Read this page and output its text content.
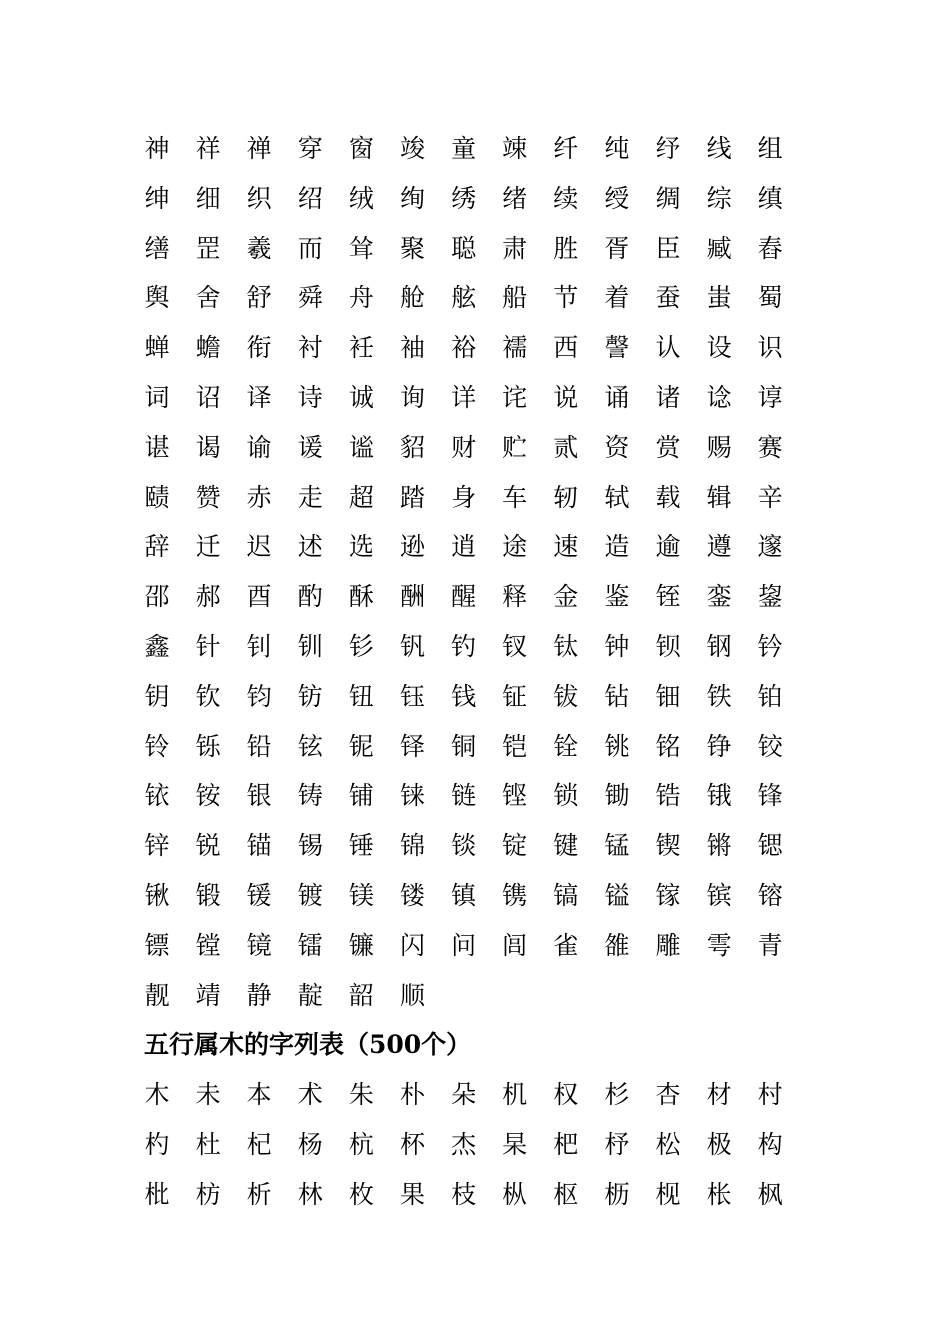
神	祥	禅	穿	窗	竣	童	竦	纤	纯	纾	线	组
绅	细	织	绍	绒	绚	绣	绪	续	绶	绸	综	缜
缮	罡	羲	而	耸	聚	聪	肃	胜	胥	臣	臧	舂
舆	舍	舒	舜	舟	舱	舷	船	节	着	蚕	蚩	蜀
蝉	蟾	衔	衬	衽	袖	裕	襦	西	謦	认	设	识
词	诏	译	诗	诚	询	详	诧	说	诵	诸	谂	谆
谌	谒	谕	谖	谧	貂	财	贮	贰	资	赏	赐	赛
赜	赞	赤	走	超	踏	身	车	轫	轼	载	辑	辛
辞	迁	迟	述	选	逊	逍	途	速	造	逾	遵	邃
邵	郝	酉	酌	酥	酬	醒	释	金	鉴	铚	銮	鋆
鑫	针	钊	钏	钐	钒	钓	钗	钛	钟	钡	钢	钤
钥	钦	钧	钫	钮	钰	钱	钲	钹	钻	钿	铁	铂
铃	铄	铅	铉	铌	铎	铜	铠	铨	铫	铭	铮	铰
铱	铵	银	铸	铺	铼	链	铿	锁	锄	锆	锇	锋
锌	锐	锚	锡	锤	锦	锬	锭	键	锰	锲	锵	锶
锹	锻	锾	镀	镁	镂	镇	镌	镐	镒	镓	镔	镕
镖	镗	镜	镭	镰	闪	问	闾	雀	雒	雕	雩	青
靓	靖	静	靛	韶	顺
五行属木的字列表（500个）
木	未	本	术	朱	朴	朵	机	权	杉	杏	材	村
杓	杜	杞	杨	杭	杯	杰	杲	杷	杼	松	极	构
枇	枋	析	林	枚	果	枝	枞	枢	枥	枧	枨	枫
